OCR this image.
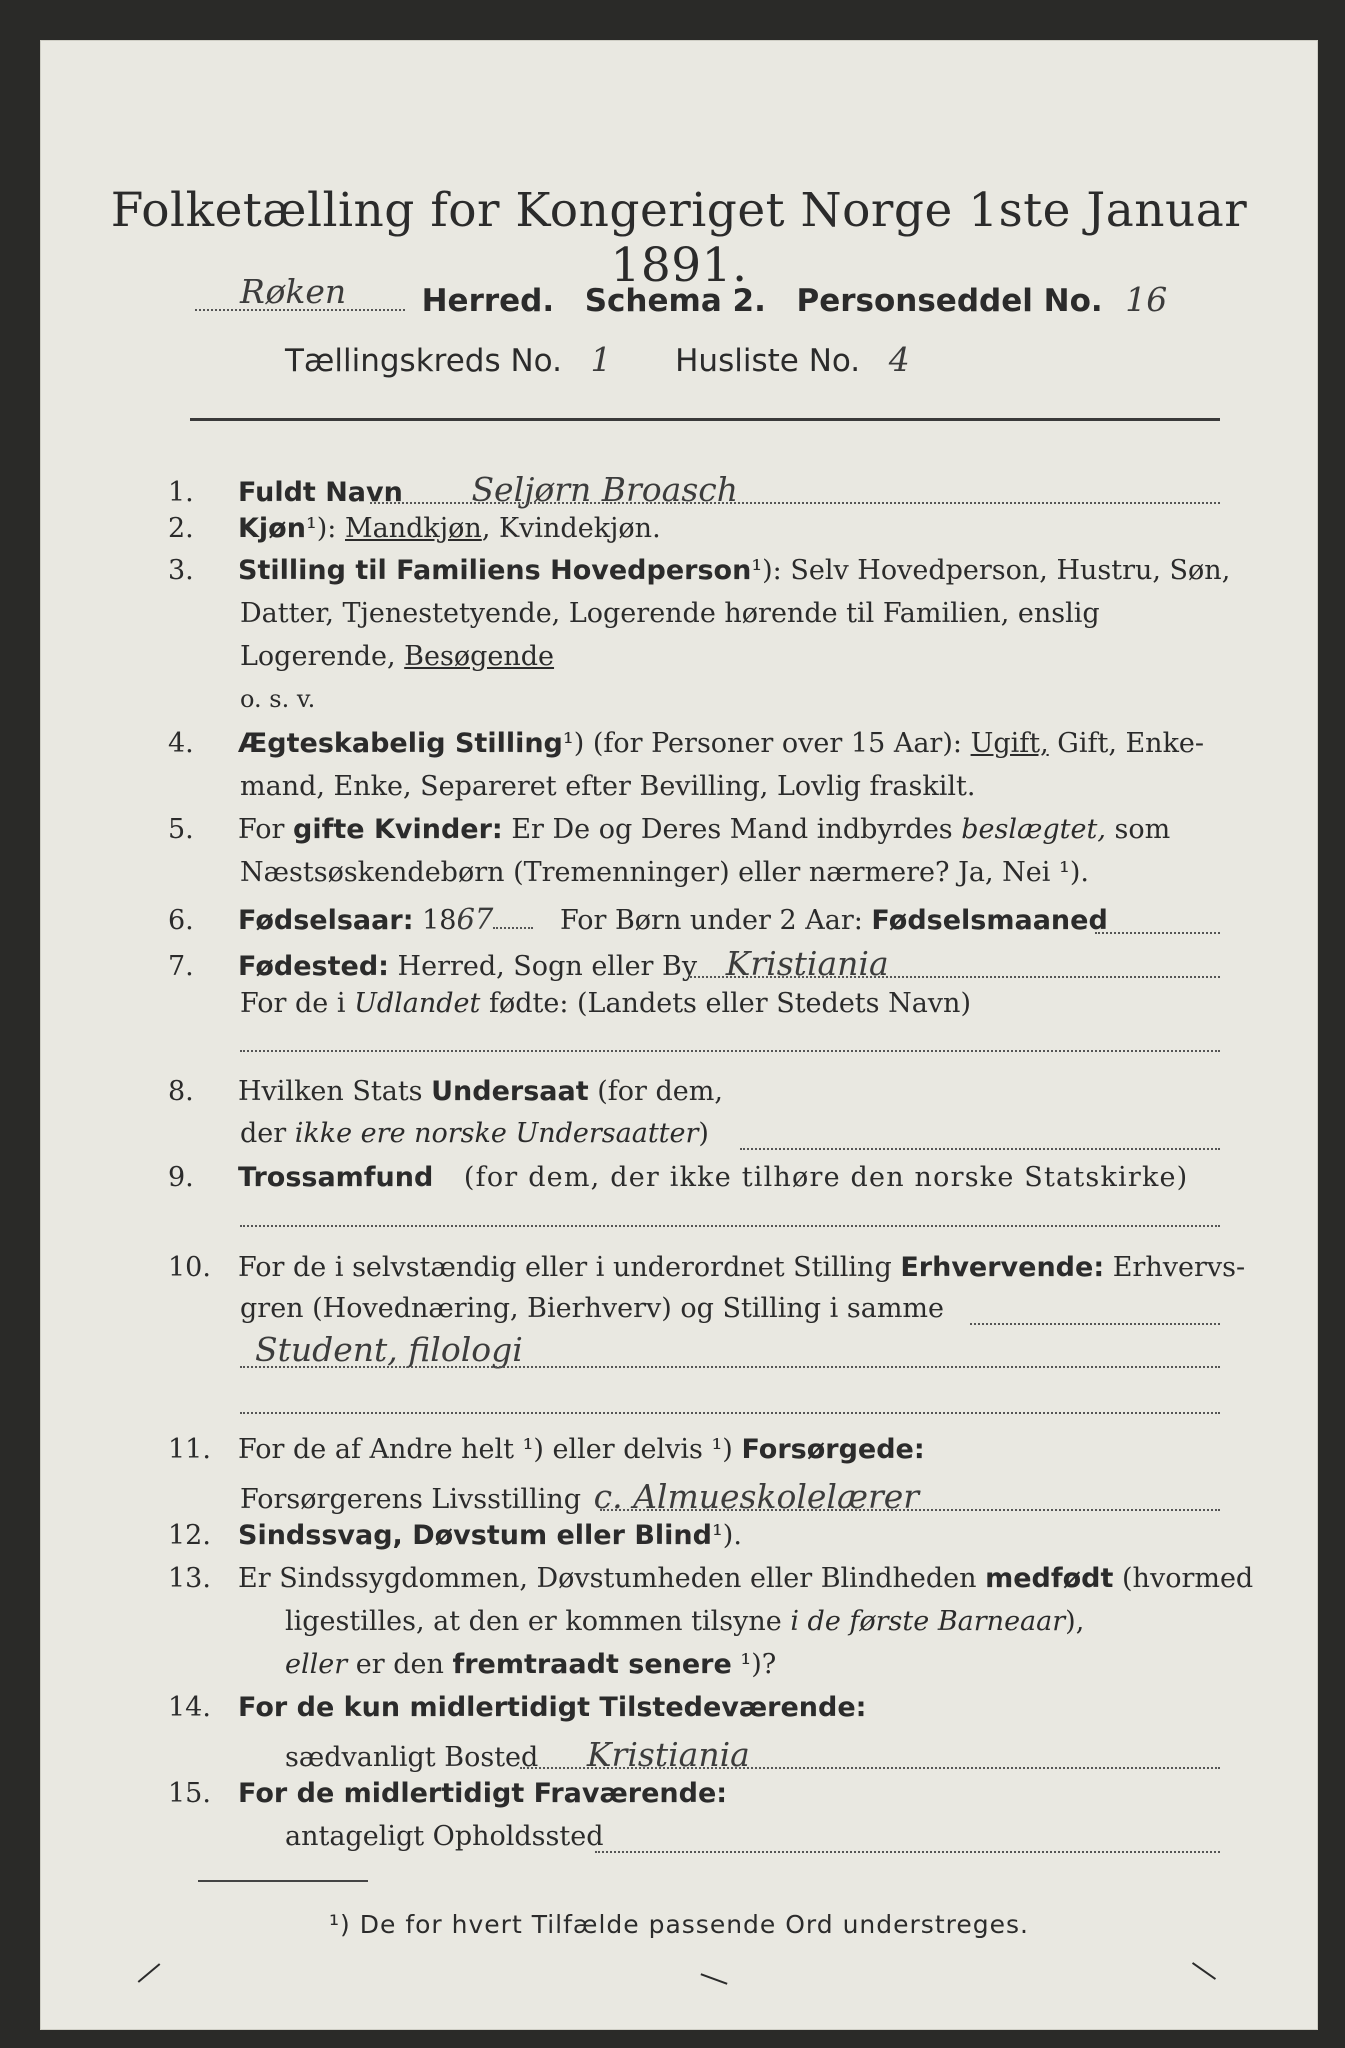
Folketælling for Kongeriget Norge 1ste Januar 1891.

Røken Herred. Schema 2. Personseddel No. 16
Tællingskreds No. 1 Husliste No. 4
1. Fuldt Navn Seljørn Broasch
2. Kjøn¹): Mandkjøn, Kvindekjøn.
3. Stilling til Familiens Hovedperson¹): Selv Hovedperson, Hustru, Søn,
Datter, Tjenestetyende, Logerende hørende til Familien, enslig
Logerende, Besøgende
o. s. v.
4. Ægteskabelig Stilling¹) (for Personer over 15 Aar): Ugift, Gift, Enke-
mand, Enke, Separeret efter Bevilling, Lovlig fraskilt.
5. For gifte Kvinder: Er De og Deres Mand indbyrdes beslægtet, som
Næstsøskendebørn (Tremenninger) eller nærmere? Ja, Nei ¹).
6. Fødselsaar: 1867 For Børn under 2 Aar: Fødselsmaaned
7. Fødested: Herred, Sogn eller By Kristiania
For de i Udlandet fødte: (Landets eller Stedets Navn)
8. Hvilken Stats Undersaat (for dem,
der ikke ere norske Undersaatter)
9. Trossamfund (for dem, der ikke tilhøre den norske Statskirke)
10. For de i selvstændig eller i underordnet Stilling Erhvervende: Erhvervs-
gren (Hovednæring, Bierhverv) og Stilling i samme
Student, filologi
11. For de af Andre helt ¹) eller delvis ¹) Forsørgede:
Forsørgerens Livsstilling c. Almueskolelærer
12. Sindssvag, Døvstum eller Blind¹).
13. Er Sindssygdommen, Døvstumheden eller Blindheden medfødt (hvormed
ligestilles, at den er kommen tilsyne i de første Barneaar),
eller er den fremtraadt senere ¹)?
14. For de kun midlertidigt Tilstedeværende:
sædvanligt Bosted Kristiania
15. For de midlertidigt Fraværende:
antageligt Opholdssted
¹) De for hvert Tilfælde passende Ord understreges.
